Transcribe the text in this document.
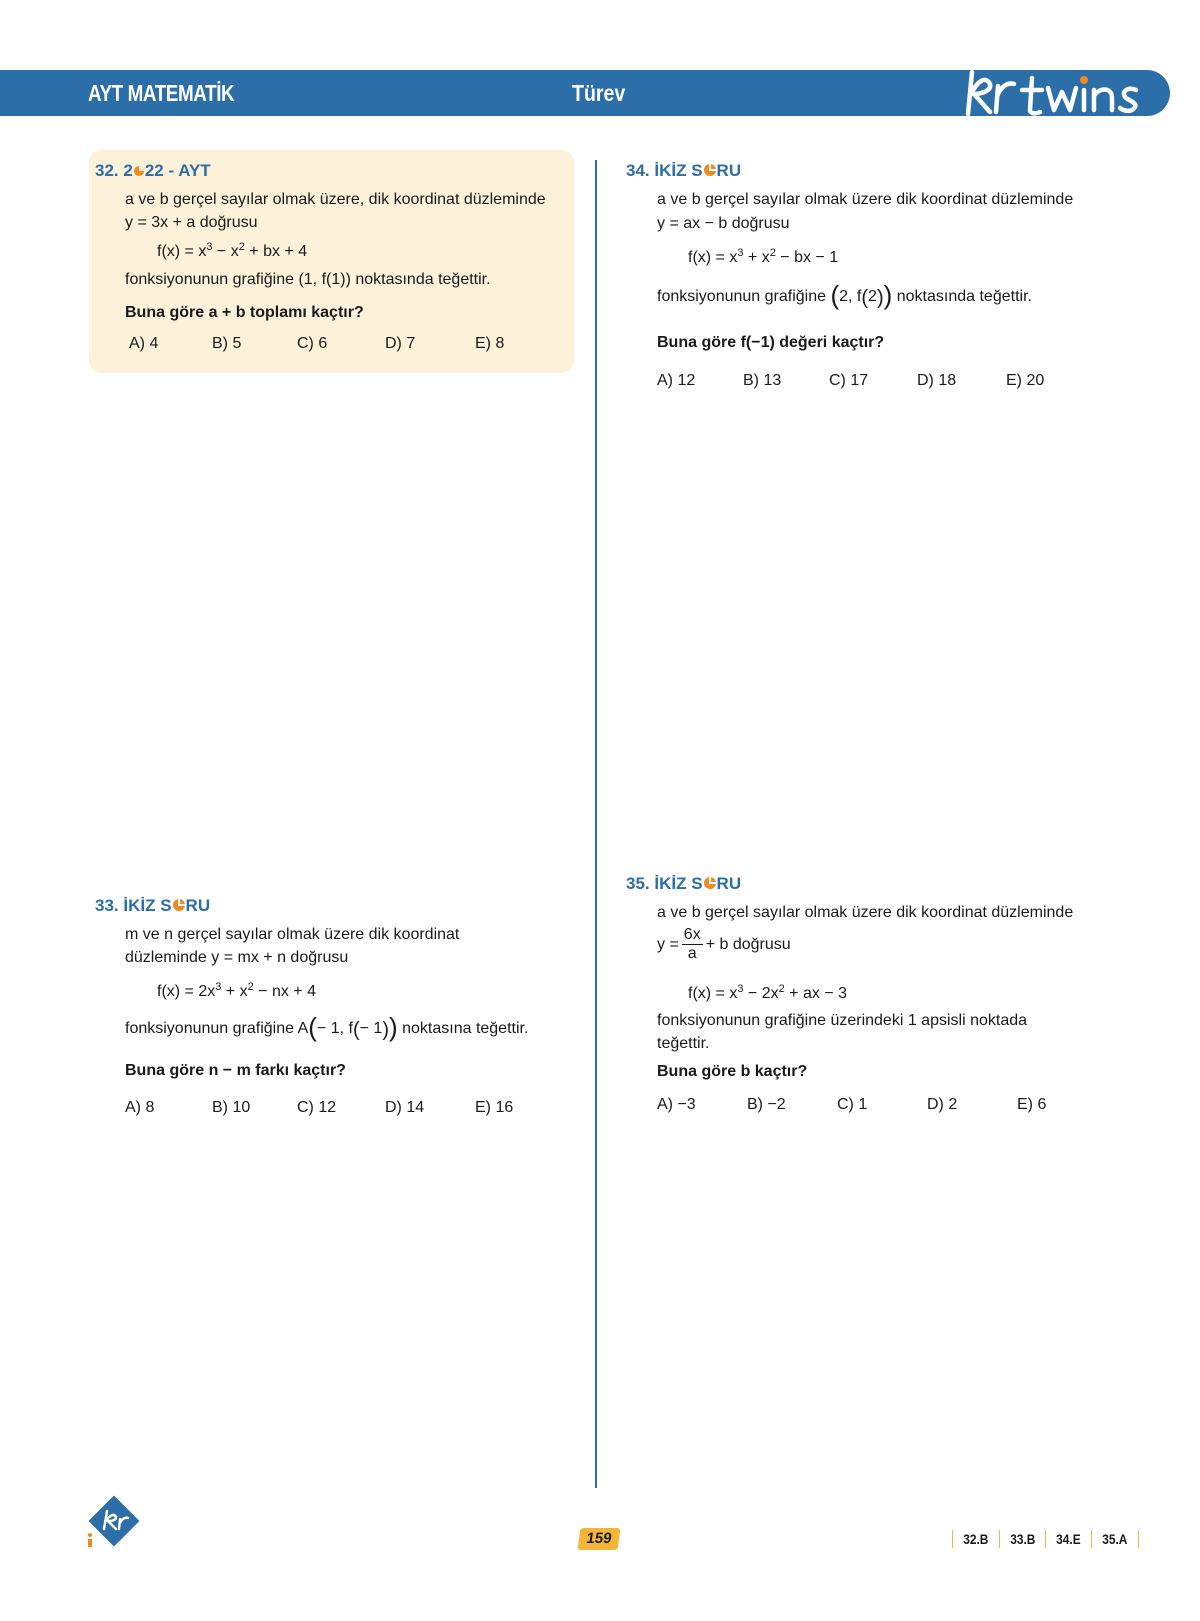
AYT MATEMATİK	Türev
32. 2 22 - AYT
a ve b gerçel sayılar olmak üzere, dik koordinat düzleminde
y = 3x + a doğrusu
$f(x) = x^3 - x^2$ + bx + 4
fonksiyonunun grafiğine (1, f(1)) noktasında teğettir.
Buna göre a + b toplamı kaçtır?
A) 4	B) 5	C) 6	D) 7	E) 8
34. İKİZ S RU
a ve b gerçel sayılar olmak üzere dik koordinat düzleminde
y = ax − b doğrusu
$f(x) = x^3 + x^2$ − bx − 1
fonksiyonunun grafiğine (2, f(2)) noktasında teğettir.
Buna göre f(−1) değeri kaçtır?
A) 12	B) 13	C) 17	D) 18	E) 20
33. İKİZ S RU
m ve n gerçel sayılar olmak üzere dik koordinat
düzleminde y = mx + n doğrusu
$f(x) = 2x^3 + x^2$ − nx + 4
fonksiyonunun grafiğine A(− 1, f(− 1)) noktasına teğettir.
Buna göre n − m farkı kaçtır?
A) 8	B) 10	C) 12	D) 14	E) 16
35. İKİZ S RU
a ve b gerçel sayılar olmak üzere dik koordinat düzleminde
$y = \frac{6x}{a} + b$ doğrusu
$f(x) = x^3 - 2x^2$ + ax − 3
fonksiyonunun grafiğine üzerindeki 1 apsisli noktada
teğettir.
Buna göre b kaçtır?
A) −3	B) −2	C) 1	D) 2	E) 6
159	32.B 33.B 34.E 35.A
